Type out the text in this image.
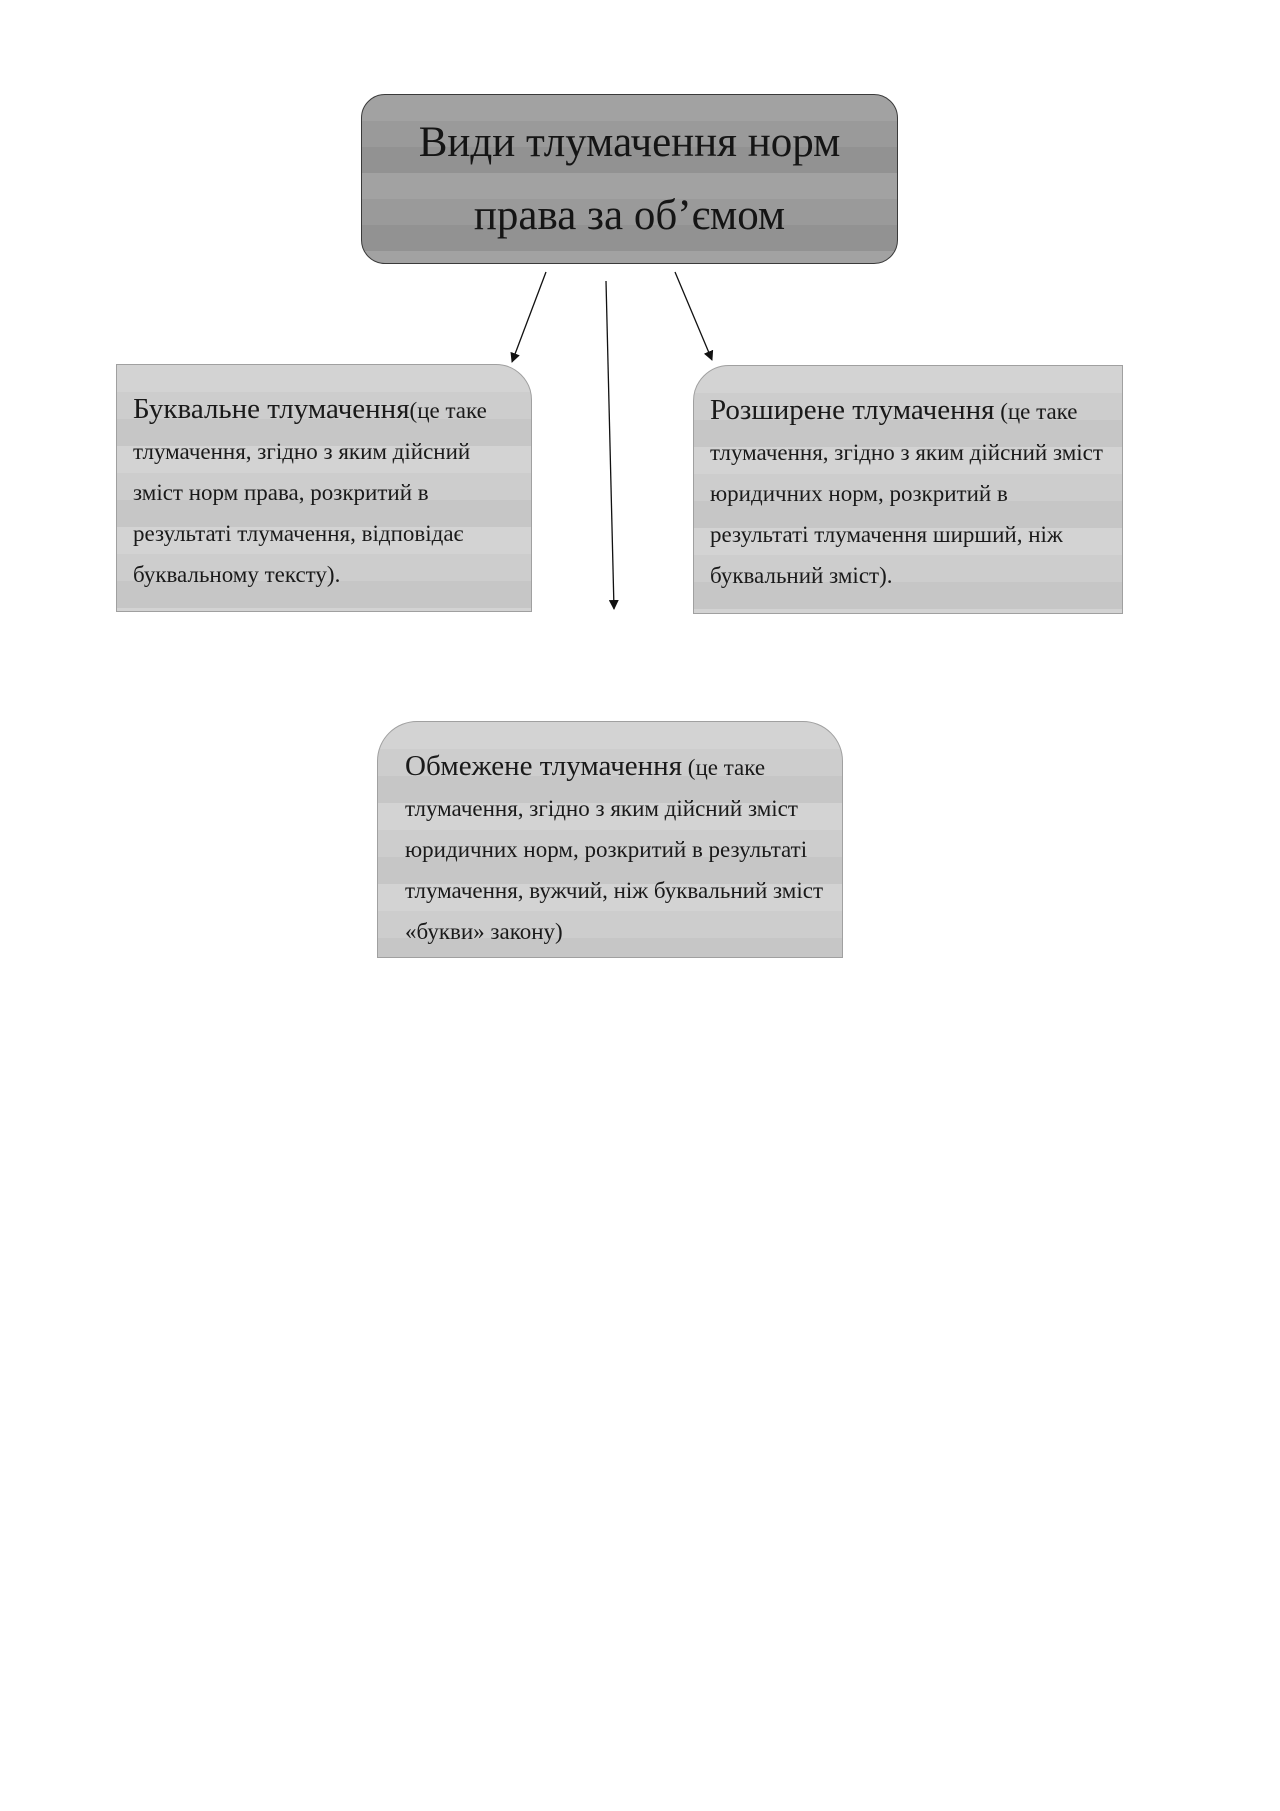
Види тлумачення норм
права за об’ємом
Буквальне тлумачення(це таке тлумачення, згідно з яким дійсний зміст норм права, розкритий в результаті тлумачення, відповідає буквальному тексту).
Розширене тлумачення (це таке тлумачення, згідно з яким дійсний зміст юридичних норм, розкритий в результаті тлумачення ширший, ніж буквальний зміст).
Обмежене тлумачення (це таке тлумачення, згідно з яким дійсний зміст юридичних норм, розкритий в результаті тлумачення, вужчий, ніж буквальний зміст «букви» закону)
